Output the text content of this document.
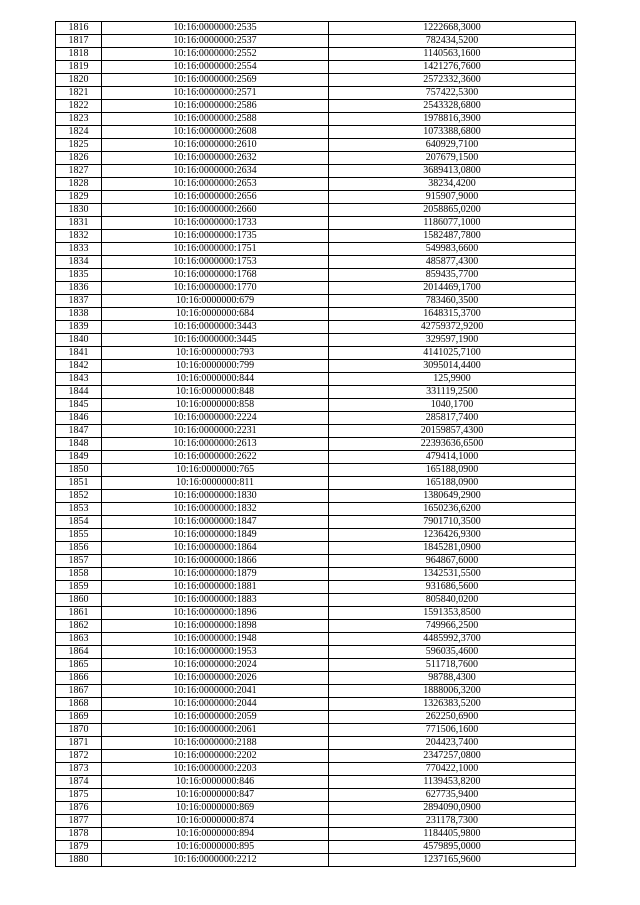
1816	10:16:0000000:2535	1222668,3000
1817	10:16:0000000:2537	782434,5200
1818	10:16:0000000:2552	1140563,1600
1819	10:16:0000000:2554	1421276,7600
1820	10:16:0000000:2569	2572332,3600
1821	10:16:0000000:2571	757422,5300
1822	10:16:0000000:2586	2543328,6800
1823	10:16:0000000:2588	1978816,3900
1824	10:16:0000000:2608	1073388,6800
1825	10:16:0000000:2610	640929,7100
1826	10:16:0000000:2632	207679,1500
1827	10:16:0000000:2634	3689413,0800
1828	10:16:0000000:2653	38234,4200
1829	10:16:0000000:2656	915907,9000
1830	10:16:0000000:2660	2058865,0200
1831	10:16:0000000:1733	1186077,1000
1832	10:16:0000000:1735	1582487,7800
1833	10:16:0000000:1751	549983,6600
1834	10:16:0000000:1753	485877,4300
1835	10:16:0000000:1768	859435,7700
1836	10:16:0000000:1770	2014469,1700
1837	10:16:0000000:679	783460,3500
1838	10:16:0000000:684	1648315,3700
1839	10:16:0000000:3443	42759372,9200
1840	10:16:0000000:3445	329597,1900
1841	10:16:0000000:793	4141025,7100
1842	10:16:0000000:799	3095014,4400
1843	10:16:0000000:844	125,9900
1844	10:16:0000000:848	331119,2500
1845	10:16:0000000:858	1040,1700
1846	10:16:0000000:2224	285817,7400
1847	10:16:0000000:2231	20159857,4300
1848	10:16:0000000:2613	22393636,6500
1849	10:16:0000000:2622	479414,1000
1850	10:16:0000000:765	165188,0900
1851	10:16:0000000:811	165188,0900
1852	10:16:0000000:1830	1380649,2900
1853	10:16:0000000:1832	1650236,6200
1854	10:16:0000000:1847	7901710,3500
1855	10:16:0000000:1849	1236426,9300
1856	10:16:0000000:1864	1845281,0900
1857	10:16:0000000:1866	964867,6000
1858	10:16:0000000:1879	1342531,5500
1859	10:16:0000000:1881	931686,5600
1860	10:16:0000000:1883	805840,0200
1861	10:16:0000000:1896	1591353,8500
1862	10:16:0000000:1898	749966,2500
1863	10:16:0000000:1948	4485992,3700
1864	10:16:0000000:1953	596035,4600
1865	10:16:0000000:2024	511718,7600
1866	10:16:0000000:2026	98788,4300
1867	10:16:0000000:2041	1888006,3200
1868	10:16:0000000:2044	1326383,5200
1869	10:16:0000000:2059	262250,6900
1870	10:16:0000000:2061	771506,1600
1871	10:16:0000000:2188	204423,7400
1872	10:16:0000000:2202	2347257,0800
1873	10:16:0000000:2203	770422,1000
1874	10:16:0000000:846	1139453,8200
1875	10:16:0000000:847	627735,9400
1876	10:16:0000000:869	2894090,0900
1877	10:16:0000000:874	231178,7300
1878	10:16:0000000:894	1184405,9800
1879	10:16:0000000:895	4579895,0000
1880	10:16:0000000:2212	1237165,9600
